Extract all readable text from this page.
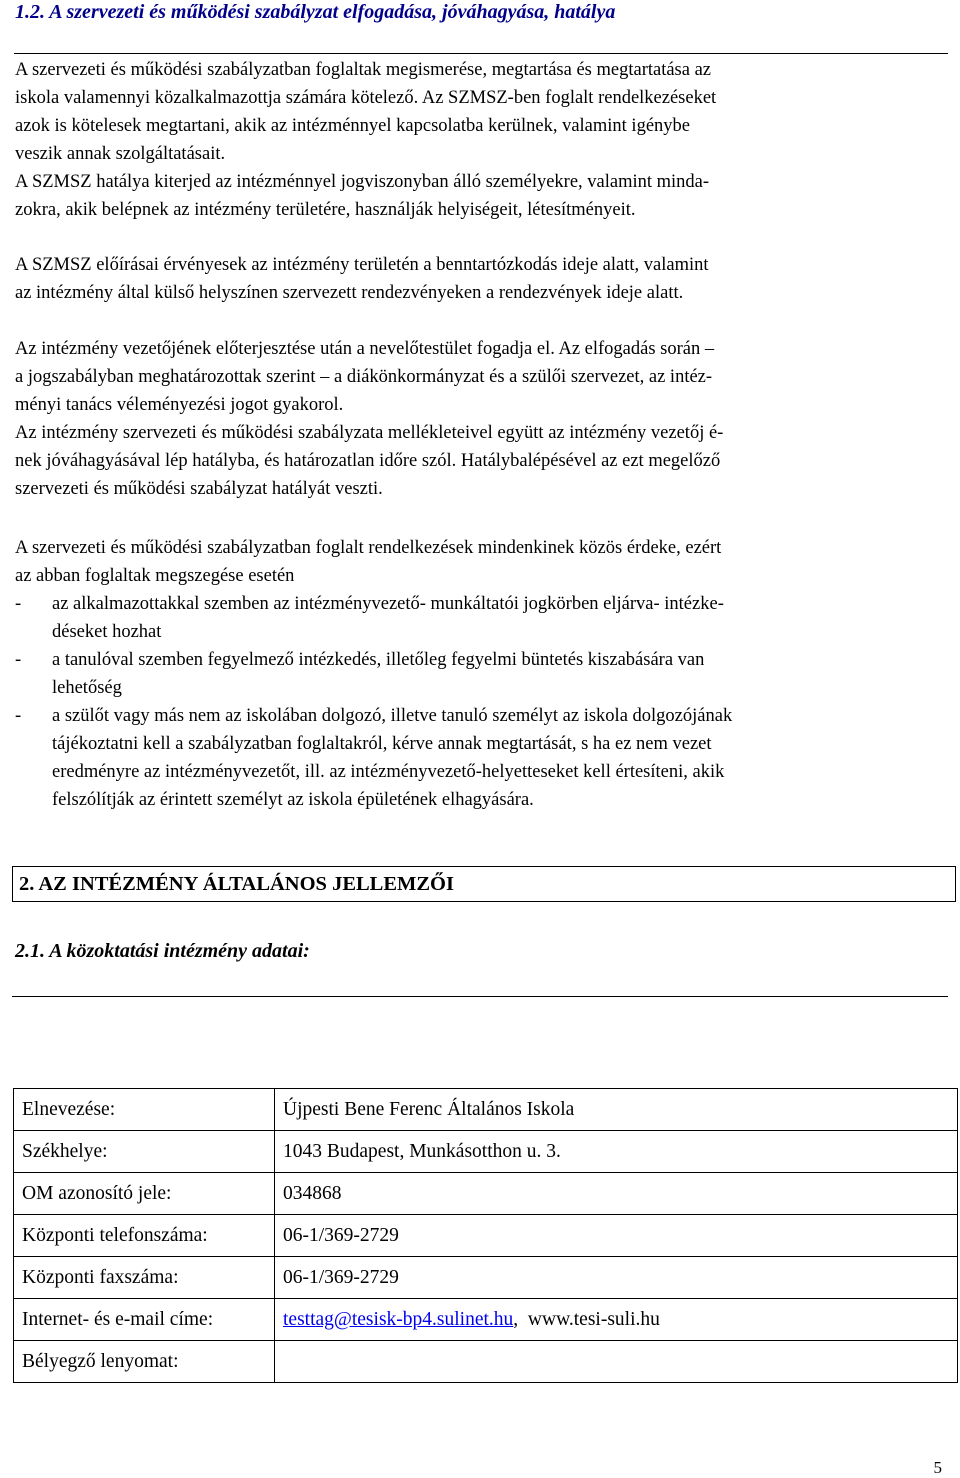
1.2. A szervezeti és működési szabályzat elfogadása, jóváhagyása, hatálya
A szervezeti és működési szabályzatban foglaltak megismerése, megtartása és megtartatása az
iskola valamennyi közalkalmazottja számára kötelező. Az SZMSZ-ben foglalt rendelkezéseket
azok is kötelesek megtartani, akik az intézménnyel kapcsolatba kerülnek, valamint igénybe
veszik annak szolgáltatásait.
A SZMSZ hatálya kiterjed az intézménnyel jogviszonyban álló személyekre, valamint minda-
zokra, akik belépnek az intézmény területére, használják helyiségeit, létesítményeit.
A SZMSZ előírásai érvényesek az intézmény területén a benntartózkodás ideje alatt, valamint
az intézmény által külső helyszínen szervezett rendezvényeken a rendezvények ideje alatt.
Az intézmény vezetőjének előterjesztése után a nevelőtestület fogadja el. Az elfogadás során –
a jogszabályban meghatározottak szerint – a diákönkormányzat és a szülői szervezet, az intéz-
ményi tanács véleményezési jogot gyakorol.
Az intézmény szervezeti és működési szabályzata mellékleteivel együtt az intézmény vezetőj é-
nek jóváhagyásával lép hatályba, és határozatlan időre szól. Hatálybalépésével az ezt megelőző
szervezeti és működési szabályzat hatályát veszti.
A szervezeti és működési szabályzatban foglalt rendelkezések mindenkinek közös érdeke, ezért
az abban foglaltak megszegése esetén
- az alkalmazottakkal szemben az intézményvezető- munkáltatói jogkörben eljárva- intézke-
déseket hozhat
- a tanulóval szemben fegyelmező intézkedés, illetőleg fegyelmi büntetés kiszabására van
lehetőség
- a szülőt vagy más nem az iskolában dolgozó, illetve tanuló személyt az iskola dolgozójának
tájékoztatni kell a szabályzatban foglaltakról, kérve annak megtartását, s ha ez nem vezet
eredményre az intézményvezetőt, ill. az intézményvezető-helyetteseket kell értesíteni, akik
felszólítják az érintett személyt az iskola épületének elhagyására.
2. AZ INTÉZMÉNY ÁLTALÁNOS JELLEMZŐI
2.1. A közoktatási intézmény adatai:
Elnevezése:	Újpesti Bene Ferenc Általános Iskola
Székhelye:	1043 Budapest, Munkásotthon u. 3.
OM azonosító jele:	034868
Központi telefonszáma:	06-1/369-2729
Központi faxszáma:	06-1/369-2729
Internet- és e-mail címe:	testtag@tesisk-bp4.sulinet.hu, www.tesi-suli.hu
Bélyegző lenyomat:	
5
